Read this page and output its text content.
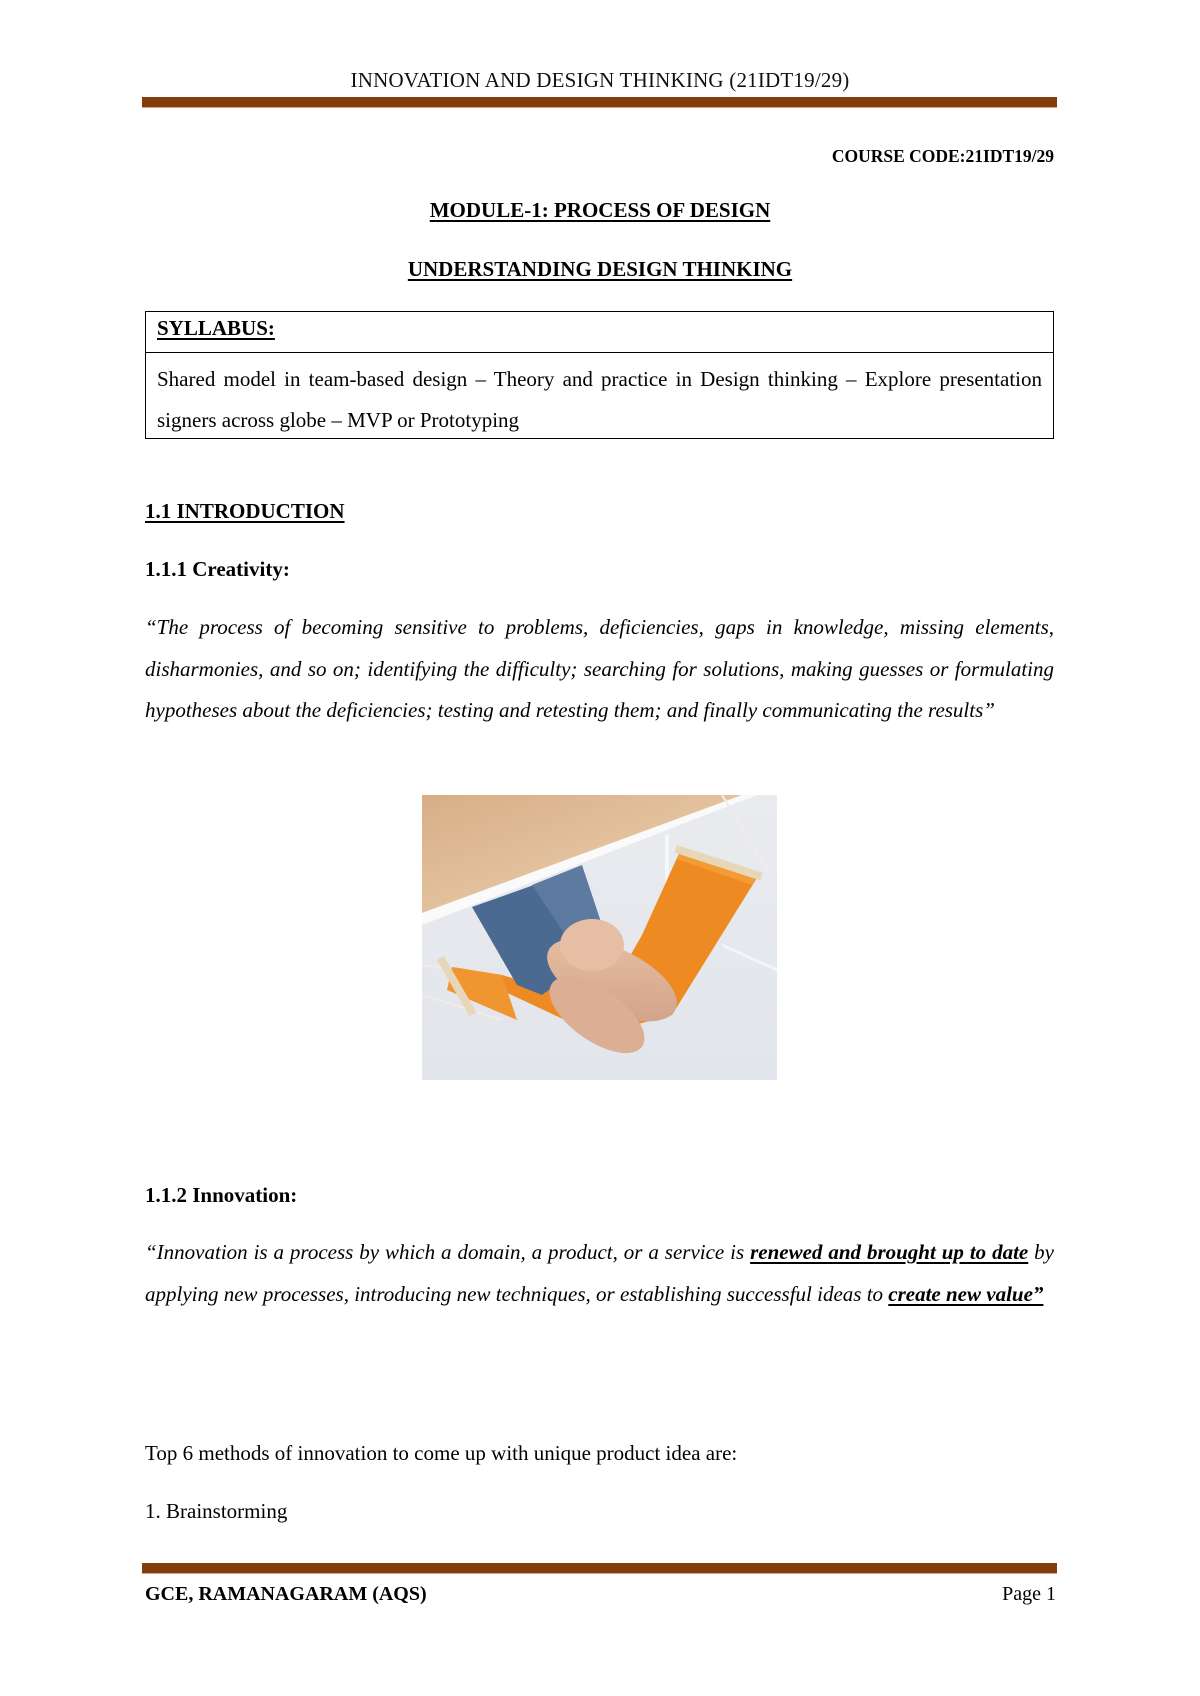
INNOVATION AND DESIGN THINKING (21IDT19/29)
COURSE CODE:21IDT19/29
MODULE-1: PROCESS OF DESIGN
UNDERSTANDING DESIGN THINKING
SYLLABUS:
Shared model in team-based design – Theory and practice in Design thinking – Explore presentation signers across globe – MVP or Prototyping
1.1 INTRODUCTION
1.1.1 Creativity:
“The process of becoming sensitive to problems, deficiencies, gaps in knowledge, missing elements, disharmonies, and so on; identifying the difficulty; searching for solutions, making guesses or formulating hypotheses about the deficiencies; testing and retesting them; and finally communicating the results”
1.1.2 Innovation:
“Innovation is a process by which a domain, a product, or a service is renewed and brought up to date by applying new processes, introducing new techniques, or establishing successful ideas to create new value”
Top 6 methods of innovation to come up with unique product idea are:
1. Brainstorming
GCE, RAMANAGARAM (AQS)	Page 1
